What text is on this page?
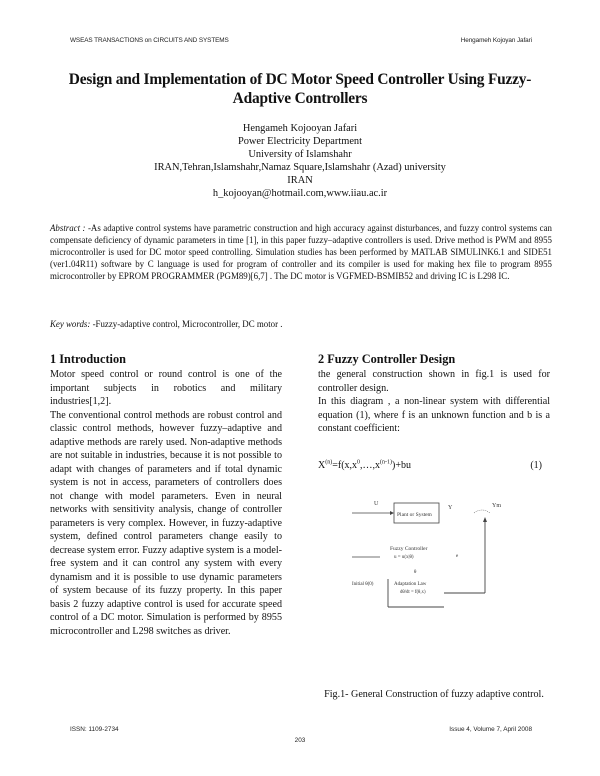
WSEAS TRANSACTIONS on CIRCUITS AND SYSTEMS	Hengameh Kojoyan Jafari
Design and Implementation of DC Motor Speed Controller Using Fuzzy-Adaptive Controllers
Hengameh Kojooyan Jafari
Power Electricity Department
University of Islamshahr
IRAN,Tehran,Islamshahr,Namaz Square,Islamshahr (Azad) university
IRAN
h_kojooyan@hotmail.com,www.iiau.ac.ir
Abstract : -As adaptive control systems have parametric construction and high accuracy against disturbances, and fuzzy control systems can compensate deficiency of dynamic parameters in time [1], in this paper fuzzy–adaptive controllers is used. Drive method is PWM and 8955 microcontroller is used for DC motor speed controlling. Simulation studies has been performed by MATLAB SIMULINK6.1 and SIDE51 (ver1.04R11) software by C language is used for program of controller and its compiler is used for making hex file to program 8955 microcontroller by EPROM PROGRAMMER (PGM89)[6,7] . The DC motor is VGFMED-BSMIB52 and driving IC is L298 IC.
Key words: -Fuzzy-adaptive control, Microcontroller, DC motor .
1 Introduction

Motor speed control or round control is one of the important subjects in robotics and military industries[1,2].

The conventional control methods are robust control and classic control methods, however fuzzy–adaptive and adaptive methods are rarely used. Non-adaptive methods are not suitable in industries, because it is not possible to adapt with changes of parameters and if total dynamic system is not in access, parameters of controllers does not change with model parameters. Even in neural networks with sensitivity analysis, change of controller parameters is very complex. However, in fuzzy-adaptive system, defined control parameters change easily to decrease system error. Fuzzy adaptive system is a model-free system and it can control any system with every dynamism and it is possible to use dynamic parameters of system because of its fuzzy property. In this paper basis 2 fuzzy adaptive control is used for accurate speed control of a DC motor. Simulation is performed by 8955 microcontroller and L298 switches as driver.

2 Fuzzy Controller Design

the general construction shown in fig.1 is used for controller design.

In this diagram , a non-linear system with differential equation (1), where f is an unknown function and b is a constant coefficient:

$X^{(n)}=f(x,x^0,\dots,x^{(n-1)})+bu$	(1)
Plant or System
U
Y	Ym
Fuzzy Controller
u = u(x|θ)	e
θ
Initial θ(0)	Adaptation Law
dθ/dt = f(θ,x)
Fig.1- General Construction of fuzzy adaptive control.
ISSN: 1109-2734	Issue 4, Volume 7, April 2008
203
